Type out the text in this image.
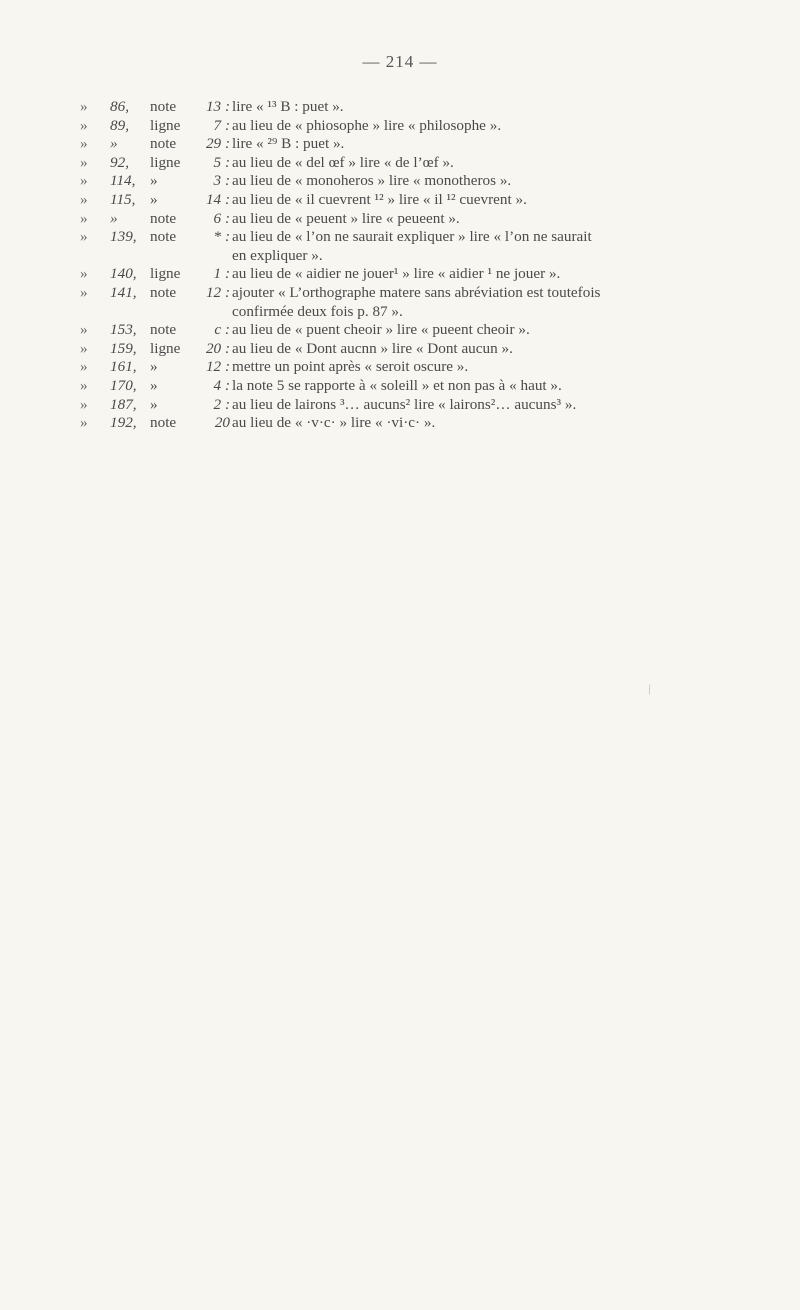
— 214 —
»	86,	note	13 : lire « ¹³ B : puet ».
»	89,	ligne	7 : au lieu de « phiosophe » lire « philosophe ».
»	»	note	29 : lire « ²⁹ B : puet ».
»	92,	ligne	5 : au lieu de « del œf » lire « de l’œf ».
»	114, »	3 : au lieu de « monoheros » lire « monotheros ».
»	115, »	14 : au lieu de « il cuevrent ¹² » lire « il ¹² cuevrent ».
»	»	note	6 : au lieu de « peuent » lire « peueent ».
»	139, note	* : au lieu de « l’on ne saurait expliquer » lire « l’on ne saurait
en expliquer ».
»	140, ligne	1 : au lieu de « aidier ne jouer¹ » lire « aidier ¹ ne jouer ».
»	141, note	12 : ajouter « L’orthographe matere sans abréviation est toutefois
confirmée deux fois p. 87 ».
»	153, note	c : au lieu de « puent cheoir » lire « pueent cheoir ».
»	159, ligne	20 : au lieu de « Dont aucnn » lire « Dont aucun ».
»	161, »	12 : mettre un point après « seroit oscure ».
»	170, »	4 : la note 5 se rapporte à « soleill » et non pas à « haut ».
»	187, »	2 : au lieu de lairons ³… aucuns² lire « lairons²… aucuns³ ».
»	192, note	20 au lieu de « ·v·c· » lire « ·vi·c· ».
/
